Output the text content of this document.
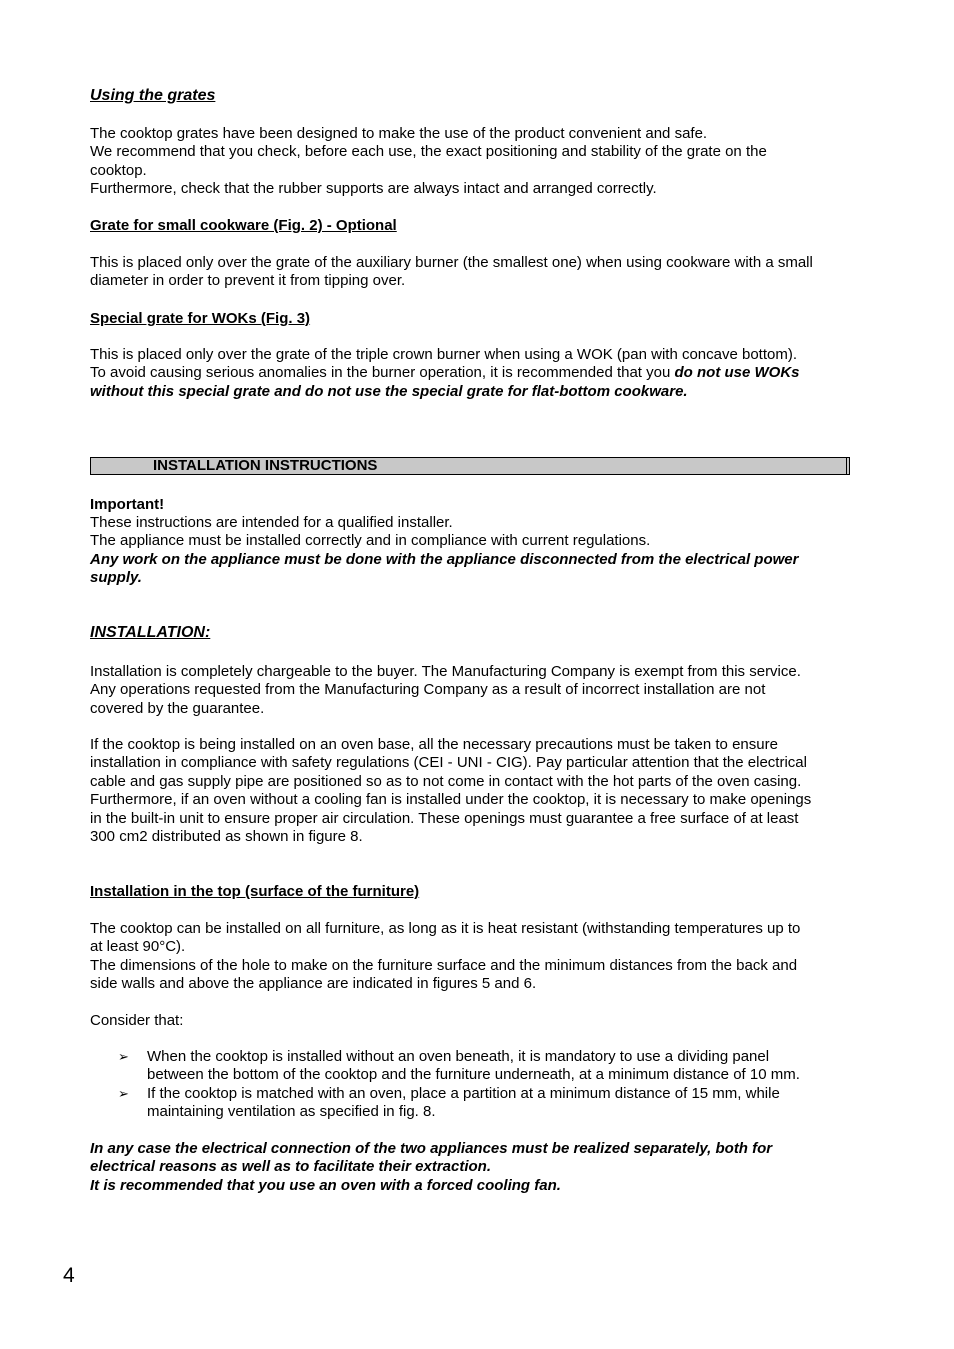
Using the grates
The cooktop grates have been designed to make the use of the product convenient and safe.
We recommend that you check, before each use, the exact positioning and stability of the grate on the
cooktop.
Furthermore, check that the rubber supports are always intact and arranged correctly.
Grate for small cookware (Fig. 2) - Optional
This is placed only over the grate of the auxiliary burner (the smallest one) when using cookware with a small
diameter in order to prevent it from tipping over.
Special grate for WOKs (Fig. 3)
This is placed only over the grate of the triple crown burner when using a WOK (pan with concave bottom).
To avoid causing serious anomalies in the burner operation, it is recommended that you do not use WOKs
without this special grate and do not use the special grate for flat-bottom cookware.
INSTALLATION INSTRUCTIONS
Important!
These instructions are intended for a qualified installer.
The appliance must be installed correctly and in compliance with current regulations.
Any work on the appliance must be done with the appliance disconnected from the electrical power
supply.
INSTALLATION:
Installation is completely chargeable to the buyer. The Manufacturing Company is exempt from this service.
Any operations requested from the Manufacturing Company as a result of incorrect installation are not
covered by the guarantee.
If the cooktop is being installed on an oven base, all the necessary precautions must be taken to ensure
installation in compliance with safety regulations (CEI - UNI - CIG). Pay particular attention that the electrical
cable and gas supply pipe are positioned so as to not come in contact with the hot parts of the oven casing.
Furthermore, if an oven without a cooling fan is installed under the cooktop, it is necessary to make openings
in the built-in unit to ensure proper air circulation. These openings must guarantee a free surface of at least
300 cm2 distributed as shown in figure 8.
Installation in the top (surface of the furniture)
The cooktop can be installed on all furniture, as long as it is heat resistant (withstanding temperatures up to
at least 90°C).
The dimensions of the hole to make on the furniture surface and the minimum distances from the back and
side walls and above the appliance are indicated in figures 5 and 6.
Consider that:
➢ When the cooktop is installed without an oven beneath, it is mandatory to use a dividing panel
between the bottom of the cooktop and the furniture underneath, at a minimum distance of 10 mm.
➢ If the cooktop is matched with an oven, place a partition at a minimum distance of 15 mm, while
maintaining ventilation as specified in fig. 8.
In any case the electrical connection of the two appliances must be realized separately, both for
electrical reasons as well as to facilitate their extraction.
It is recommended that you use an oven with a forced cooling fan.
4
